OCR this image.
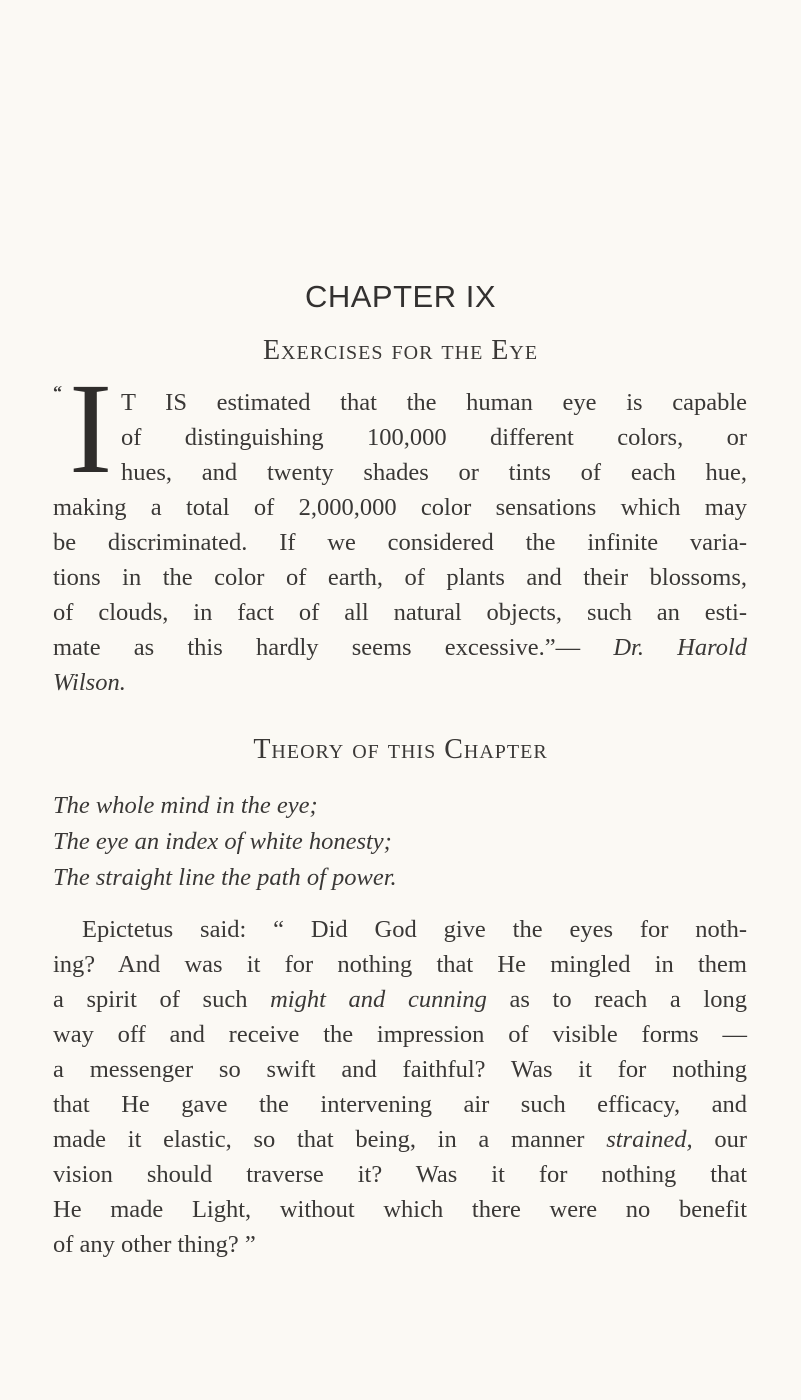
CHAPTER IX
Exercises for the Eye
“ I T IS estimated that the human eye is capable
of distinguishing 100,000 different colors, or
hues, and twenty shades or tints of each hue,
making a total of 2,000,000 color sensations which may
be discriminated. If we considered the infinite varia-
tions in the color of earth, of plants and their blossoms,
of clouds, in fact of all natural objects, such an esti-
mate as this hardly seems excessive.”— Dr. Harold
Wilson.
Theory of this Chapter
The whole mind in the eye;
The eye an index of white honesty;
The straight line the path of power.
Epictetus said: “ Did God give the eyes for noth-
ing? And was it for nothing that He mingled in them
a spirit of such might and cunning as to reach a long
way off and receive the impression of visible forms —
a messenger so swift and faithful? Was it for nothing
that He gave the intervening air such efficacy, and
made it elastic, so that being, in a manner strained, our
vision should traverse it? Was it for nothing that
He made Light, without which there were no benefit
of any other thing? ”
